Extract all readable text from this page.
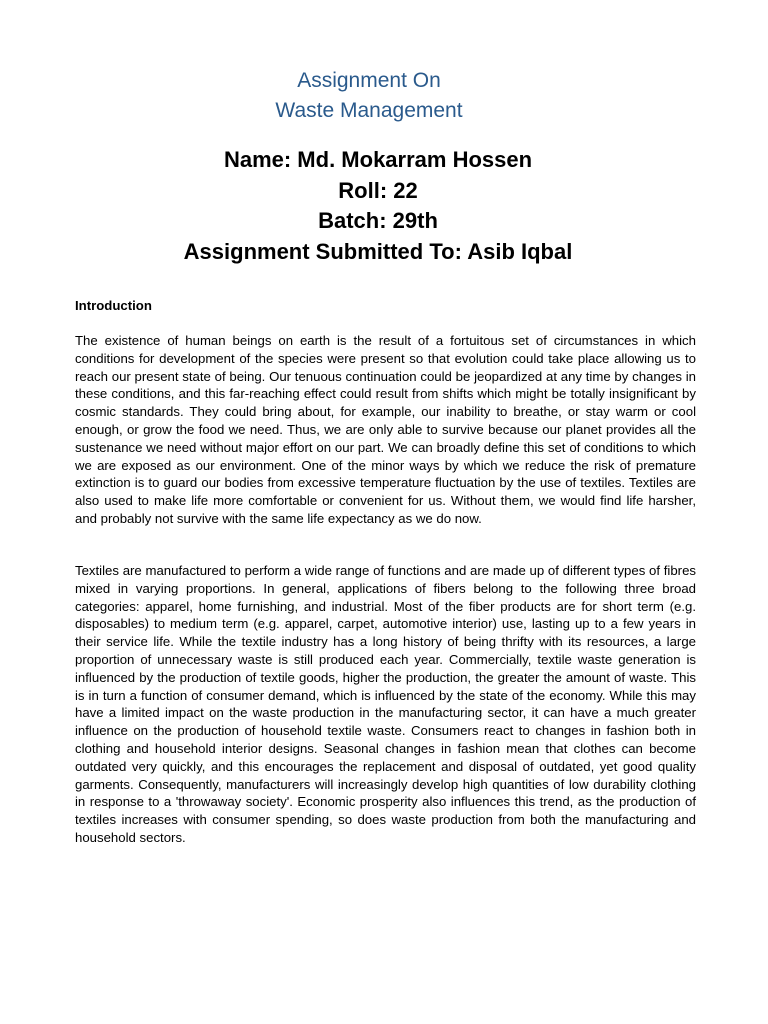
Assignment On
Waste Management
Name: Md. Mokarram Hossen
Roll: 22
Batch: 29th
Assignment Submitted To: Asib Iqbal
Introduction
The existence of human beings on earth is the result of a fortuitous set of circumstances in which conditions for development of the species were present so that evolution could take place allowing us to reach our present state of being. Our tenuous continuation could be jeopardized at any time by changes in these conditions, and this far-reaching effect could result from shifts which might be totally insignificant by cosmic standards. They could bring about, for example, our inability to breathe, or stay warm or cool enough, or grow the food we need. Thus, we are only able to survive because our planet provides all the sustenance we need without major effort on our part. We can broadly define this set of conditions to which we are exposed as our environment. One of the minor ways by which we reduce the risk of premature extinction is to guard our bodies from excessive temperature fluctuation by the use of textiles. Textiles are also used to make life more comfortable or convenient for us. Without them, we would find life harsher, and probably not survive with the same life expectancy as we do now.
Textiles are manufactured to perform a wide range of functions and are made up of different types of fibres mixed in varying proportions. In general, applications of fibers belong to the following three broad categories: apparel, home furnishing, and industrial. Most of the fiber products are for short term (e.g. disposables) to medium term (e.g. apparel, carpet, automotive interior) use, lasting up to a few years in their service life. While the textile industry has a long history of being thrifty with its resources, a large proportion of unnecessary waste is still produced each year. Commercially, textile waste generation is influenced by the production of textile goods, higher the production, the greater the amount of waste. This is in turn a function of consumer demand, which is influenced by the state of the economy. While this may have a limited impact on the waste production in the manufacturing sector, it can have a much greater influence on the production of household textile waste. Consumers react to changes in fashion both in clothing and household interior designs. Seasonal changes in fashion mean that clothes can become outdated very quickly, and this encourages the replacement and disposal of outdated, yet good quality garments. Consequently, manufacturers will increasingly develop high quantities of low durability clothing in response to a 'throwaway society'. Economic prosperity also influences this trend, as the production of textiles increases with consumer spending, so does waste production from both the manufacturing and household sectors.
